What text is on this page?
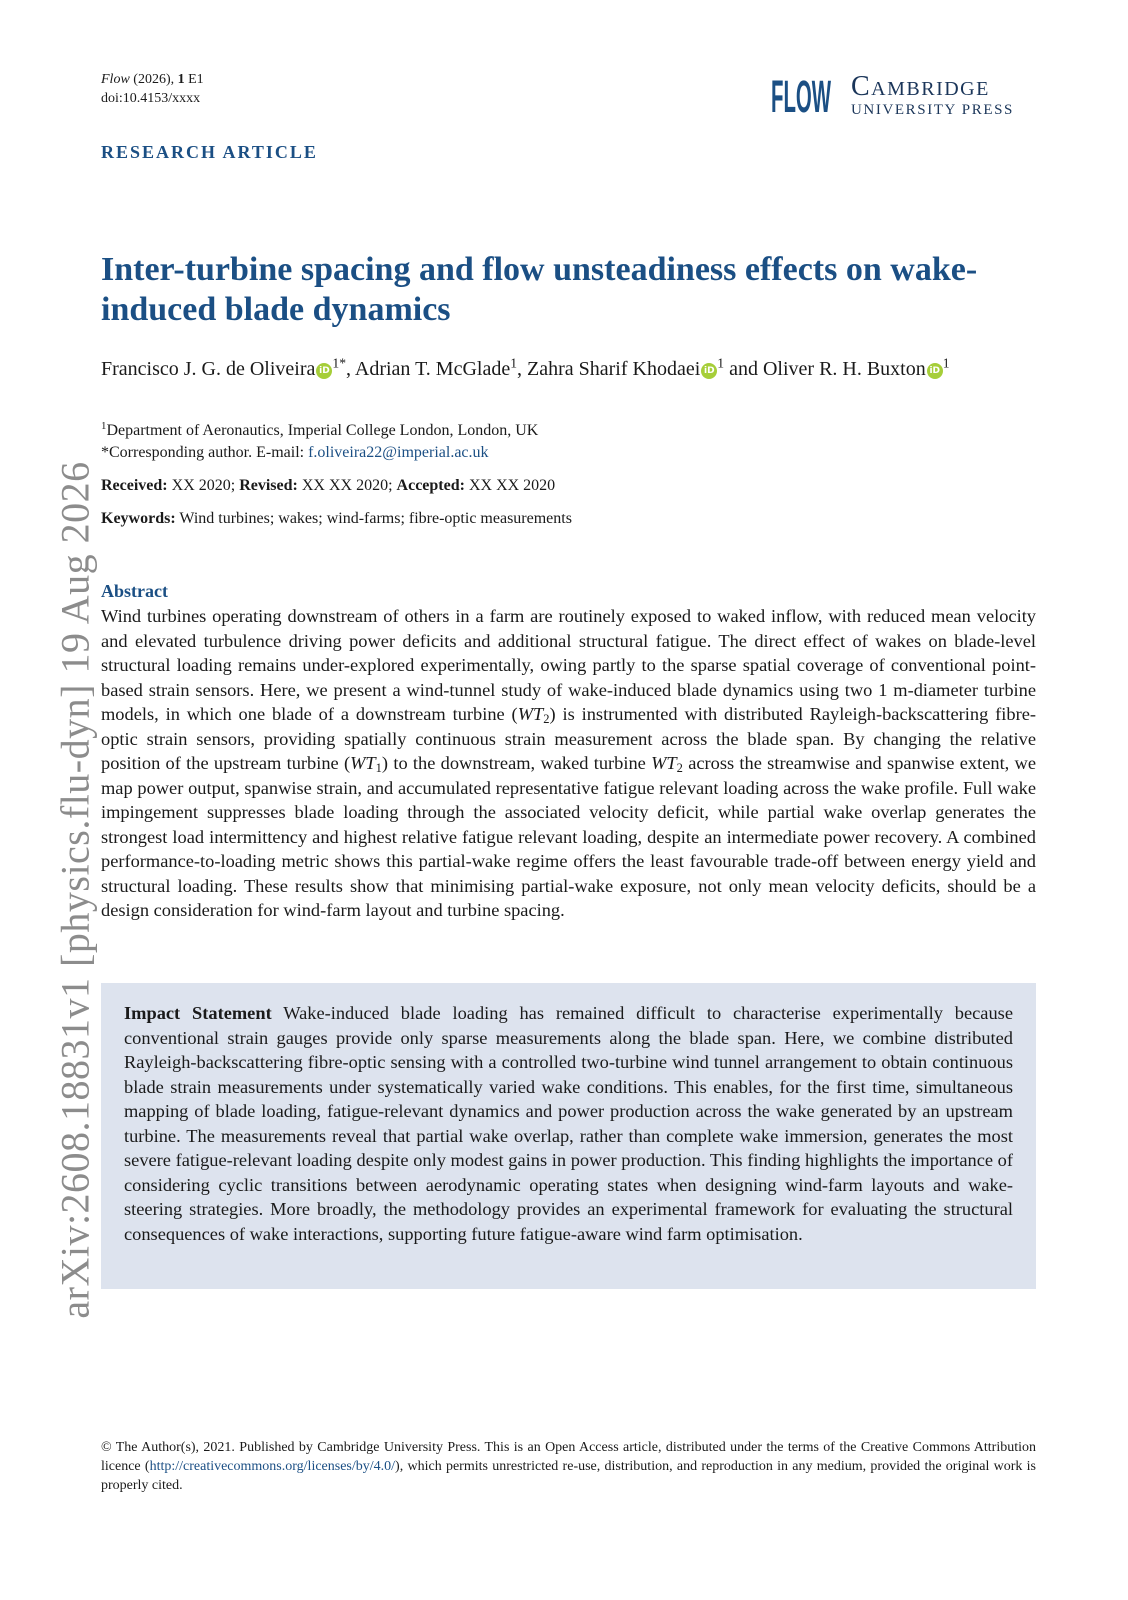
Flow (2026), 1 E1
doi:10.4153/xxxx	FLOW Cambridge
UNIVERSITY PRESS
RESEARCH ARTICLE
arXiv:2608.18831v1 [physics.flu-dyn] 19 Aug 2026
Inter-turbine spacing and flow unsteadiness effects on wake-induced blade dynamics
Francisco J. G. de Oliveira $iD^{1*}$, Adrian T. McGlade$^1$, Zahra Sharif Khodaei $iD^1$ and Oliver R. H. Buxton $iD^1$
$^1$Department of Aeronautics, Imperial College London, London, UK
*Corresponding author. E-mail: f.oliveira22@imperial.ac.uk
Received: XX 2020; Revised: XX XX 2020; Accepted: XX XX 2020
Keywords: Wind turbines; wakes; wind-farms; fibre-optic measurements
Abstract

Wind turbines operating downstream of others in a farm are routinely exposed to waked inflow, with reduced mean velocity and elevated turbulence driving power deficits and additional structural fatigue. The direct effect of wakes on blade-level structural loading remains under-explored experimentally, owing partly to the sparse spatial coverage of conventional point-based strain sensors. Here, we present a wind-tunnel study of wake-induced blade dynamics using two 1 m-diameter turbine models, in which one blade of a downstream turbine $(WT_2)$ is instrumented with distributed Rayleigh-backscattering fibre-optic strain sensors, providing spatially continuous strain measurement across the blade span. By changing the relative position of the upstream turbine $(WT_1)$ to the downstream, waked turbine $WT_2$ across the streamwise and spanwise extent, we map power output, spanwise strain, and accumulated representative fatigue relevant loading across the wake profile. Full wake impingement suppresses blade loading through the associated velocity deficit, while partial wake overlap generates the strongest load intermittency and highest relative fatigue relevant loading, despite an intermediate power recovery. A combined performance-to-loading metric shows this partial-wake regime offers the least favourable trade-off between energy yield and structural loading. These results show that minimising partial-wake exposure, not only mean velocity deficits, should be a design consideration for wind-farm layout and turbine spacing.

Impact Statement Wake-induced blade loading has remained difficult to characterise experimentally because conventional strain gauges provide only sparse measurements along the blade span. Here, we combine distributed Rayleigh-backscattering fibre-optic sensing with a controlled two-turbine wind tunnel arrangement to obtain continuous blade strain measurements under systematically varied wake conditions. This enables, for the first time, simultaneous mapping of blade loading, fatigue-relevant dynamics and power production across the wake generated by an upstream turbine. The measurements reveal that partial wake overlap, rather than complete wake immersion, generates the most severe fatigue-relevant loading despite only modest gains in power production. This finding highlights the importance of considering cyclic transitions between aerodynamic operating states when designing wind-farm layouts and wake-steering strategies. More broadly, the methodology provides an experimental framework for evaluating the structural consequences of wake interactions, supporting future fatigue-aware wind farm optimisation.

© The Author(s), 2021. Published by Cambridge University Press. This is an Open Access article, distributed under the terms of the Creative Commons Attribution licence (http://creativecommons.org/licenses/by/4.0/), which permits unrestricted re-use, distribution, and reproduction in any medium, provided the original work is properly cited.
